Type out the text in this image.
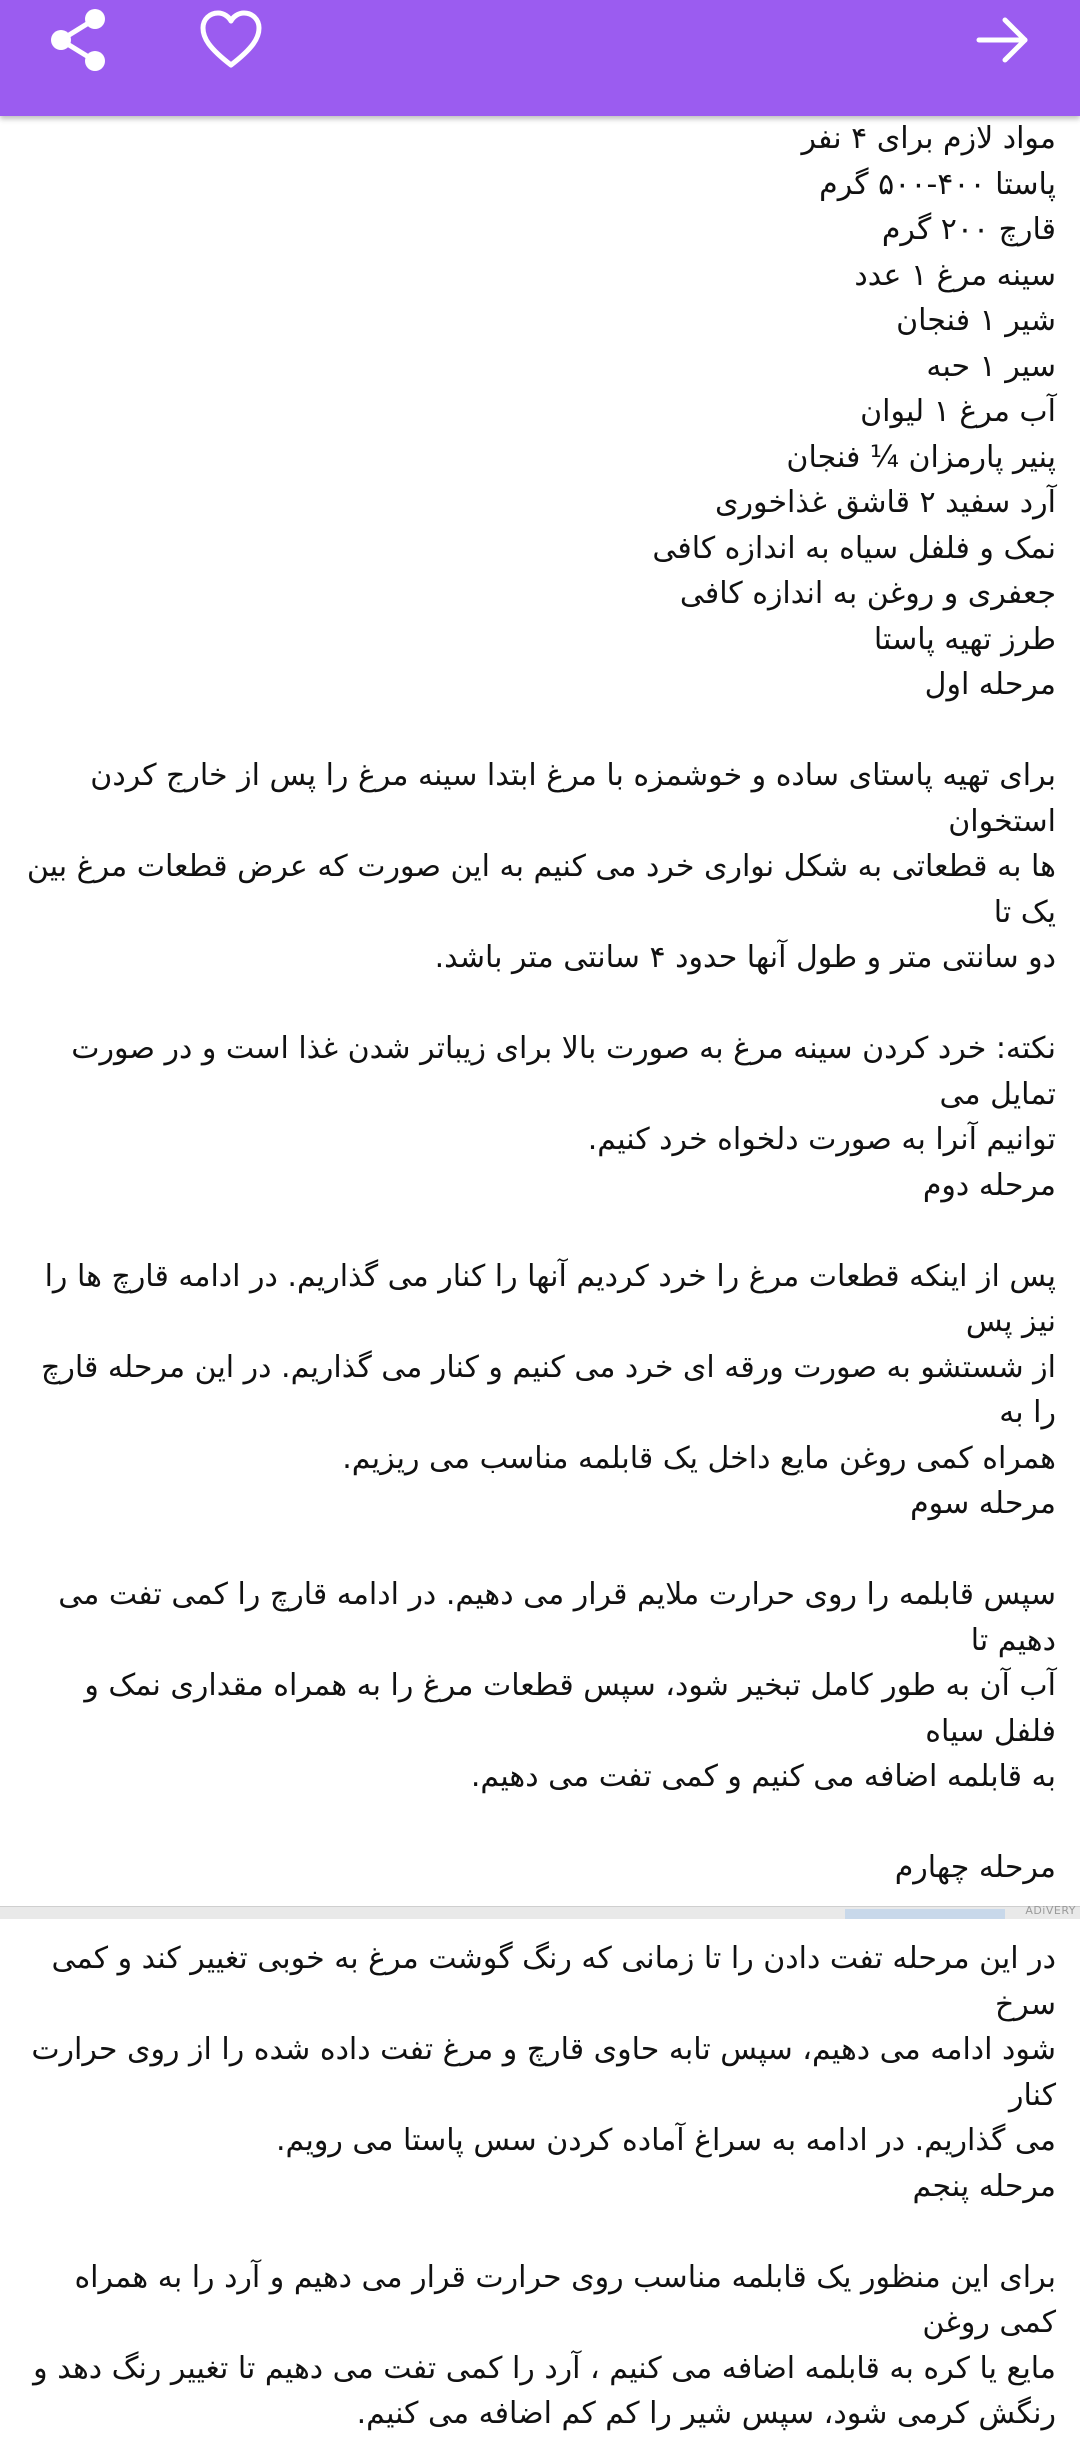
مواد لازم برای ۴ نفر

پاستا ۴۰۰-۵۰۰ گرم

قارچ ۲۰۰ گرم

سینه مرغ ۱ عدد

شیر ۱ فنجان

سیر ۱ حبه

آب مرغ ۱ لیوان

پنیر پارمزان ¼ فنجان

آرد سفید ۲ قاشق غذاخوری

نمک و فلفل سیاه به اندازه کافی

جعفری و روغن به اندازه کافی

طرز تهیه پاستا

مرحله اول

برای تهیه پاستای ساده و خوشمزه با مرغ ابتدا سینه مرغ را پس از خارج کردن استخوان
ها به قطعاتی به شکل نواری خرد می کنیم به این صورت که عرض قطعات مرغ بین یک تا
دو سانتی متر و طول آنها حدود ۴ سانتی متر باشد.

نکته: خرد کردن سینه مرغ به صورت بالا برای زیباتر شدن غذا است و در صورت تمایل می
توانیم آنرا به صورت دلخواه خرد کنیم.

مرحله دوم

پس از اینکه قطعات مرغ را خرد کردیم آنها را کنار می گذاریم. در ادامه قارچ ها را نیز پس
از شستشو به صورت ورقه ای خرد می کنیم و کنار می گذاریم. در این مرحله قارچ را به
همراه کمی روغن مایع داخل یک قابلمه مناسب می ریزیم.

مرحله سوم

سپس قابلمه را روی حرارت ملایم قرار می دهیم. در ادامه قارچ را کمی تفت می دهیم تا
آب آن به طور کامل تبخیر شود، سپس قطعات مرغ را به همراه مقداری نمک و فلفل سیاه
به قابلمه اضافه می کنیم و کمی تفت می دهیم.

مرحله چهارم

در این مرحله تفت دادن را تا زمانی که رنگ گوشت مرغ به خوبی تغییر کند و کمی سرخ
شود ادامه می دهیم، سپس تابه حاوی قارچ و مرغ تفت داده شده را از روی حرارت کنار
می گذاریم. در ادامه به سراغ آماده کردن سس پاستا می رویم.

مرحله پنجم

برای این منظور یک قابلمه مناسب روی حرارت قرار می دهیم و آرد را به همراه کمی روغن
مایع یا کره به قابلمه اضافه می کنیم ، آرد را کمی تفت می دهیم تا تغییر رنگ دهد و
رنگش کرمی شود، سپس شیر را کم کم اضافه می کنیم.

ADiVERY
